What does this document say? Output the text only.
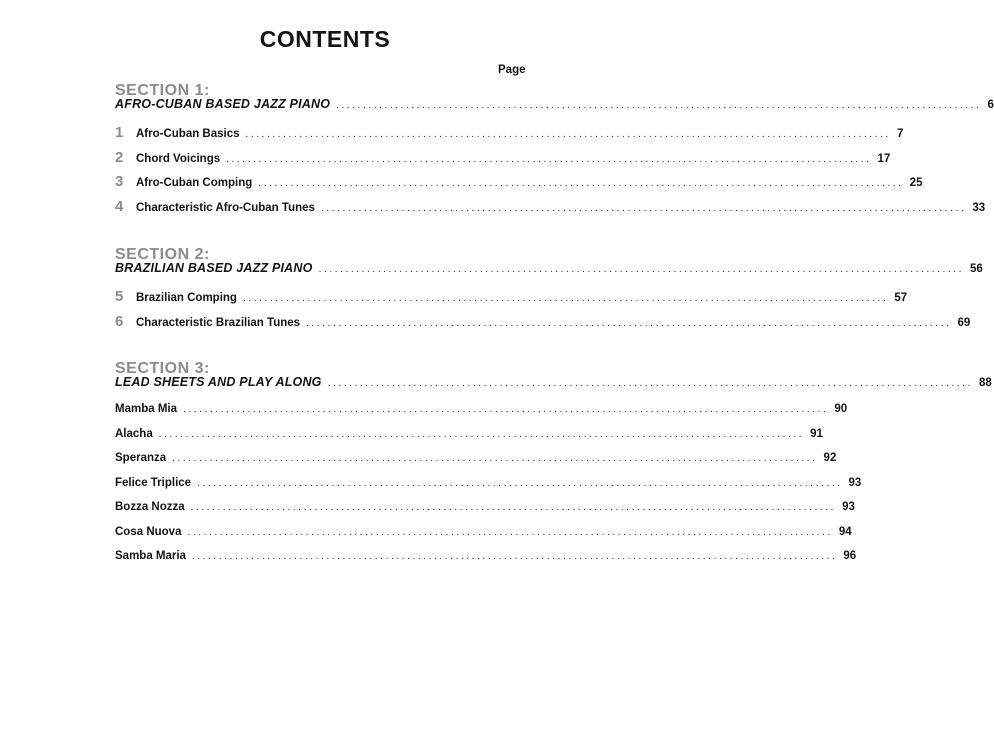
CONTENTS
Page
SECTION 1:
AFRO-CUBAN BASED JAZZ PIANO ........................................................................................................................ 6
1	Afro-Cuban Basics ........................................................................................................................ 7
2	Chord Voicings ........................................................................................................................ 17
3	Afro-Cuban Comping ........................................................................................................................ 25
4	Characteristic Afro-Cuban Tunes ........................................................................................................................ 33
SECTION 2:
BRAZILIAN BASED JAZZ PIANO ........................................................................................................................ 56
5	Brazilian Comping ........................................................................................................................ 57
6	Characteristic Brazilian Tunes ........................................................................................................................ 69
SECTION 3:
LEAD SHEETS AND PLAY ALONG ........................................................................................................................ 88
Mamba Mia ........................................................................................................................ 90
Alacha ........................................................................................................................ 91
Speranza ........................................................................................................................ 92
Felice Triplice ........................................................................................................................ 93
Bozza Nozza ........................................................................................................................ 93
Cosa Nuova ........................................................................................................................ 94
Samba Maria ........................................................................................................................ 96
